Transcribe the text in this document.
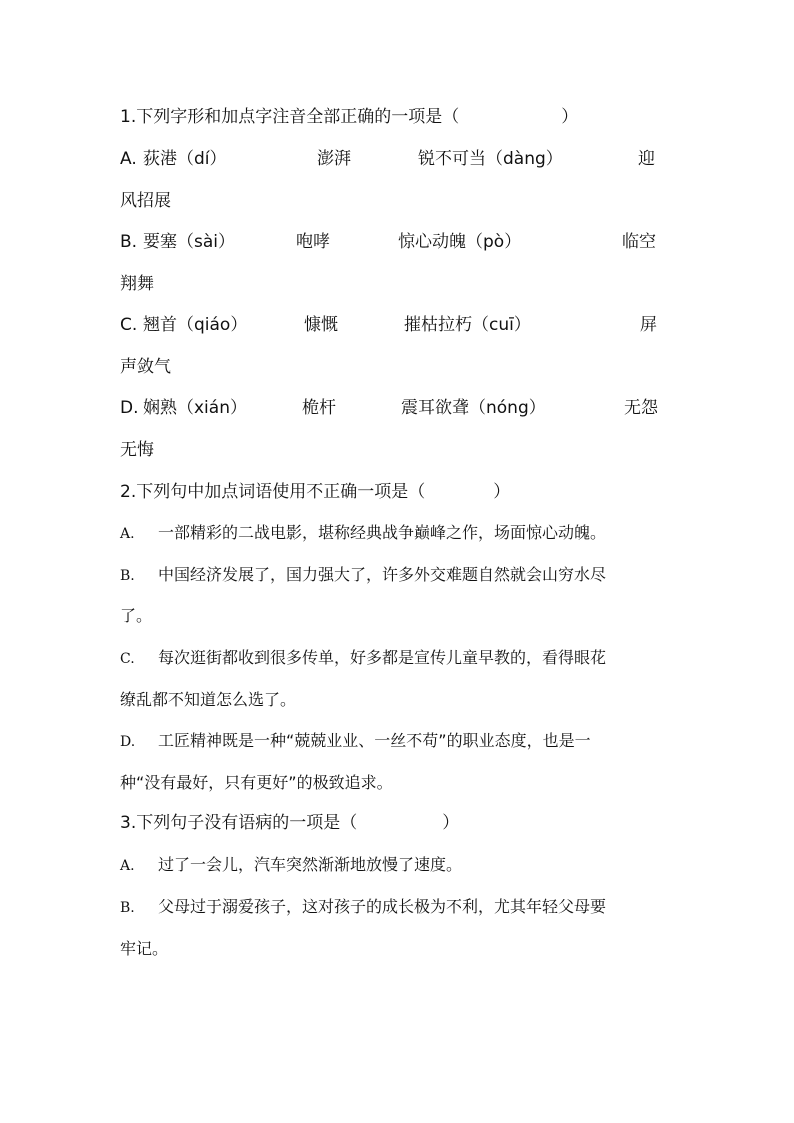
1.下列字形和加点字注音全部正确的一项是（　　　　　　）
A. 荻港（dí）	澎湃	锐不可当（dàng）	迎
风招展
B. 要塞（sài）	咆哮	惊心动魄（pò）	临空
翔舞
C. 翘首（qiáo）	慷慨	摧枯拉朽（cuī）	屏
声敛气
D. 娴熟（xián）	桅杆	震耳欲聋（nóng）	无怨
无悔
2.下列句中加点词语使用不正确一项是（　　　　）
A. 一部精彩的二战电影，堪称经典战争巅峰之作，场面惊心动魄。
B. 中国经济发展了，国力强大了，许多外交难题自然就会山穷水尽
了。
C. 每次逛街都收到很多传单，好多都是宣传儿童早教的，看得眼花
缭乱都不知道怎么选了。
D. 工匠精神既是一种“兢兢业业、一丝不苟”的职业态度，也是一
种“没有最好，只有更好”的极致追求。
3.下列句子没有语病的一项是（　　　　　）
A. 过了一会儿，汽车突然渐渐地放慢了速度。
B. 父母过于溺爱孩子，这对孩子的成长极为不利，尤其年轻父母要
牢记。
